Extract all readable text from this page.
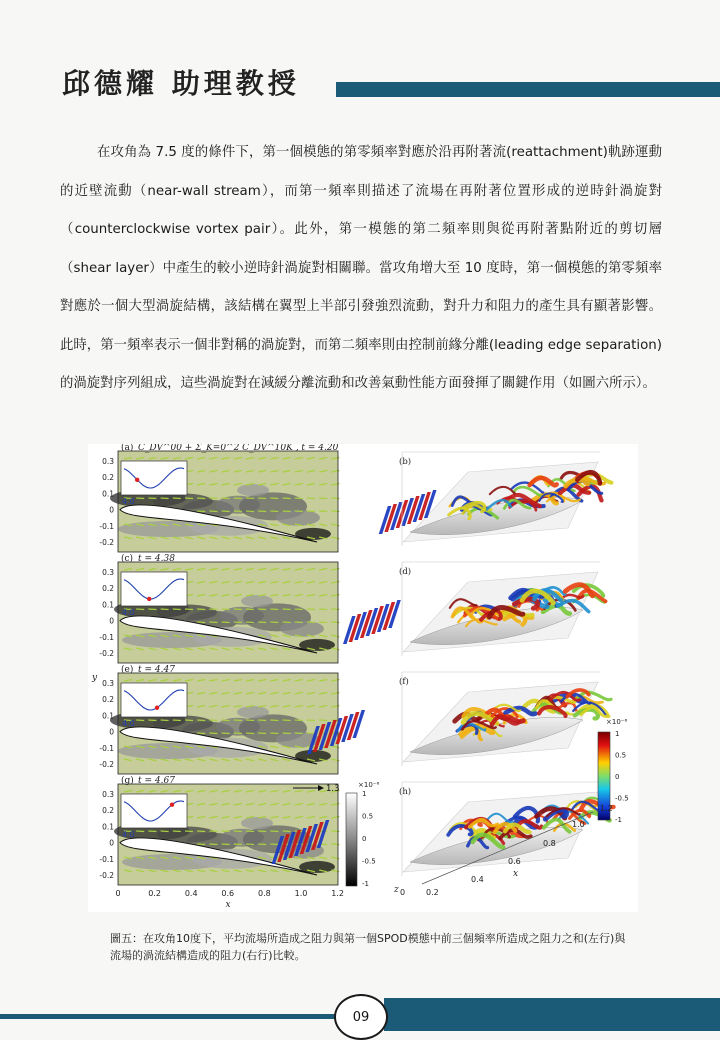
邱德耀 助理教授
在攻角為 7.5 度的條件下，第一個模態的第零頻率對應於沿再附著流(reattachment)軌跡運動的近壁流動（near-wall stream），而第一頻率則描述了流場在再附著位置形成的逆時針渦旋對（counterclockwise vortex pair）。此外，第一模態的第二頻率則與從再附著點附近的剪切層（shear layer）中產生的較小逆時針渦旋對相關聯。當攻角增大至 10 度時，第一個模態的第零頻率對應於一個大型渦旋結構，該結構在翼型上半部引發強烈流動，對升力和阻力的產生具有顯著影響。此時，第一頻率表示一個非對稱的渦旋對，而第二頻率則由控制前緣分離(leading edge separation)的渦旋對序列組成，這些渦旋對在減緩分離流動和改善氣動性能方面發揮了關鍵作用（如圖六所示）。
4.0
(a) C_DV^00 + Σ_K=0^2 C_DV^10K , t = 4.20
0.3
0.2
0.1
0
-0.1
-0.2
4.0
(c) t = 4.38
0.3
0.2
0.1
0
-0.1
-0.2
4.0
(e) t = 4.47
0.3
0.2
0.1
0
-0.1
-0.2
4.0
(g) t = 4.67
0.3
0.2
0.1
0
-0.1
-0.2
(b)
(d)
(f)
(h)
y
0	0.2	0.4	0.6	0.8	1.0	1.2
x
1.3	×10⁻⁶
1
0.5
0
-0.5
-1
×10⁻⁶
1
0.5
0
-0.5
-1
0.4
0.6
0.8
1.0
1.2
x
0	0.2
z
圖五：在攻角10度下，平均流場所造成之阻力與第一個SPOD模態中前三個頻率所造成之阻力之和(左行)與流場的渦流結構造成的阻力(右行)比較。
09
